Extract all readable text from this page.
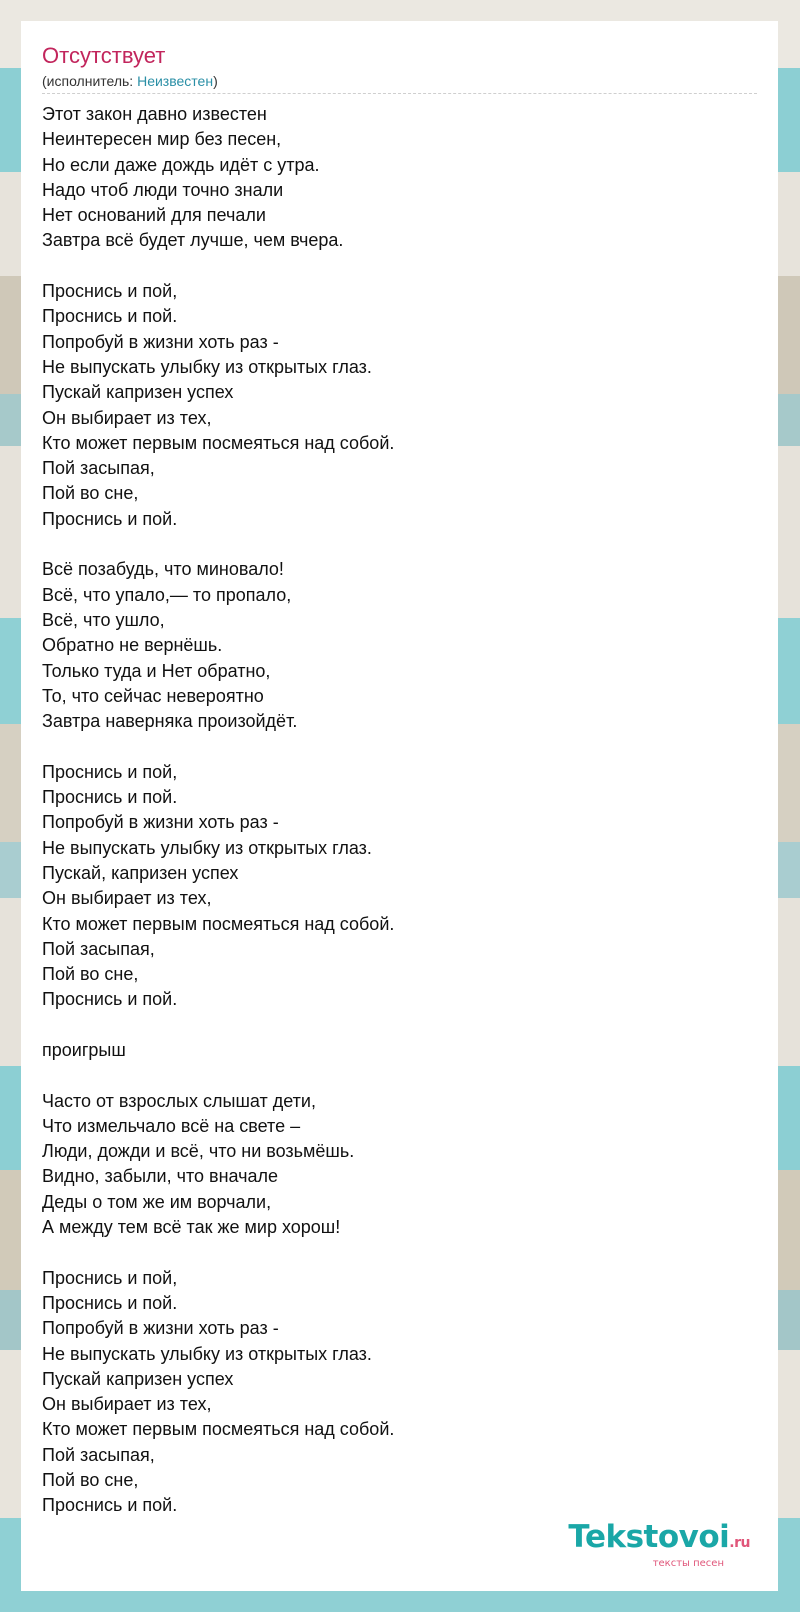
Отсутствует
(исполнитель: Неизвестен)
Этот закон давно известен
Неинтересен мир без песен,
Но если даже дождь идёт с утра.
Надо чтоб люди точно знали
Нет оснований для печали
Завтра всё будет лучше, чем вчера.
Проснись и пой,
Проснись и пой.
Попробуй в жизни хоть раз -
Не выпускать улыбку из открытых глаз.
Пускай капризен успех
Он выбирает из тех,
Кто может первым посмеяться над собой.
Пой засыпая,
Пой во сне,
Проснись и пой.
Всё позабудь, что миновало!
Всё, что упало,— то пропало,
Всё, что ушло,
Обратно не вернёшь.
Только туда и Нет обратно,
То, что сейчас невероятно
Завтра наверняка произойдёт.
Проснись и пой,
Проснись и пой.
Попробуй в жизни хоть раз -
Не выпускать улыбку из открытых глаз.
Пускай, капризен успех
Он выбирает из тех,
Кто может первым посмеяться над собой.
Пой засыпая,
Пой во сне,
Проснись и пой.
проигрыш
Часто от взрослых слышат дети,
Что измельчало всё на свете –
Люди, дожди и всё, что ни возьмёшь.
Видно, забыли, что вначале
Деды о том же им ворчали,
А между тем всё так же мир хорош!
Проснись и пой,
Проснись и пой.
Попробуй в жизни хоть раз -
Не выпускать улыбку из открытых глаз.
Пускай капризен успех
Он выбирает из тех,
Кто может первым посмеяться над собой.
Пой засыпая,
Пой во сне,
Проснись и пой.
Tekstovoi.ru
тексты песен
